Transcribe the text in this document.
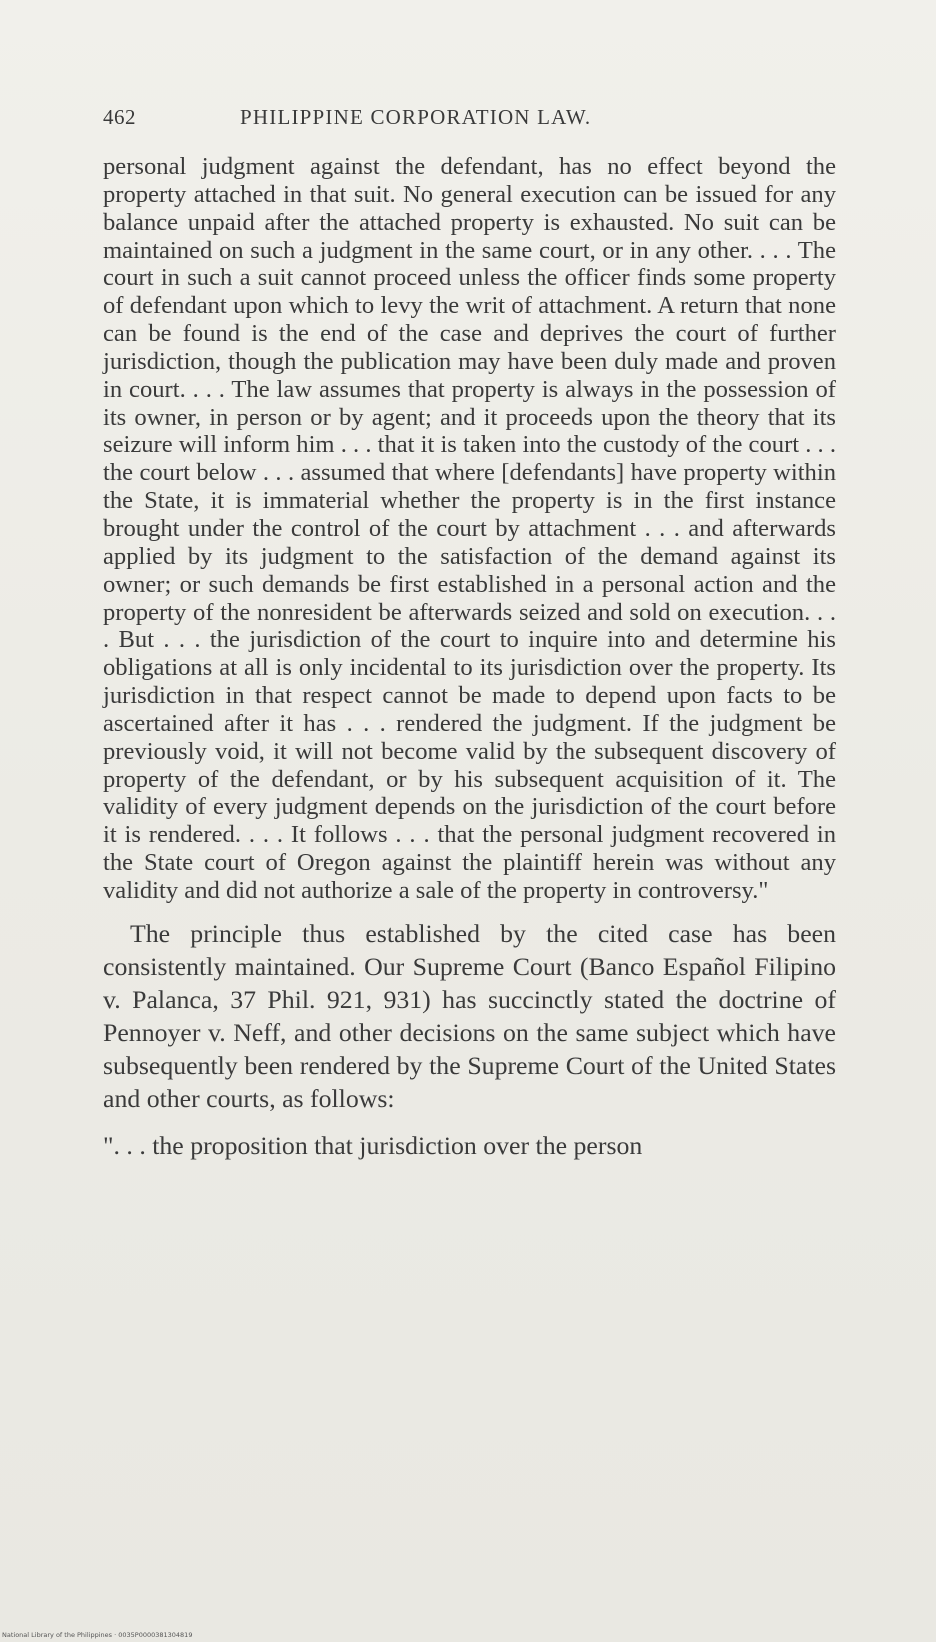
462	PHILIPPINE CORPORATION LAW.

personal judgment against the defendant, has no effect beyond the property attached in that suit. No general execution can be issued for any balance unpaid after the attached property is exhausted. No suit can be maintained on such a judgment in the same court, or in any other. . . . The court in such a suit cannot proceed unless the officer finds some property of defendant upon which to levy the writ of attachment. A return that none can be found is the end of the case and deprives the court of further jurisdiction, though the publication may have been duly made and proven in court. . . . The law assumes that property is always in the possession of its owner, in person or by agent; and it proceeds upon the theory that its seizure will inform him . . . that it is taken into the custody of the court . . . the court below . . . assumed that where [defendants] have property within the State, it is immaterial whether the property is in the first instance brought under the control of the court by attachment . . . and afterwards applied by its judgment to the satisfaction of the demand against its owner; or such demands be first established in a personal action and the property of the nonresident be afterwards seized and sold on execution. . . . But . . . the jurisdiction of the court to inquire into and determine his obligations at all is only incidental to its jurisdiction over the property. Its jurisdiction in that respect cannot be made to depend upon facts to be ascertained after it has . . . rendered the judgment. If the judgment be previously void, it will not become valid by the subsequent discovery of property of the defendant, or by his subsequent acquisition of it. The validity of every judgment depends on the jurisdiction of the court before it is rendered. . . . It follows . . . that the personal judgment recovered in the State court of Oregon against the plaintiff herein was without any validity and did not authorize a sale of the property in controversy."

The principle thus established by the cited case has been consistently maintained. Our Supreme Court (Banco Español Filipino v. Palanca, 37 Phil. 921, 931) has succinctly stated the doctrine of Pennoyer v. Neff, and other decisions on the same subject which have subsequently been rendered by the Supreme Court of the United States and other courts, as follows:

". . . the proposition that jurisdiction over the person

National Library of the Philippines · 0035P0000381304819
